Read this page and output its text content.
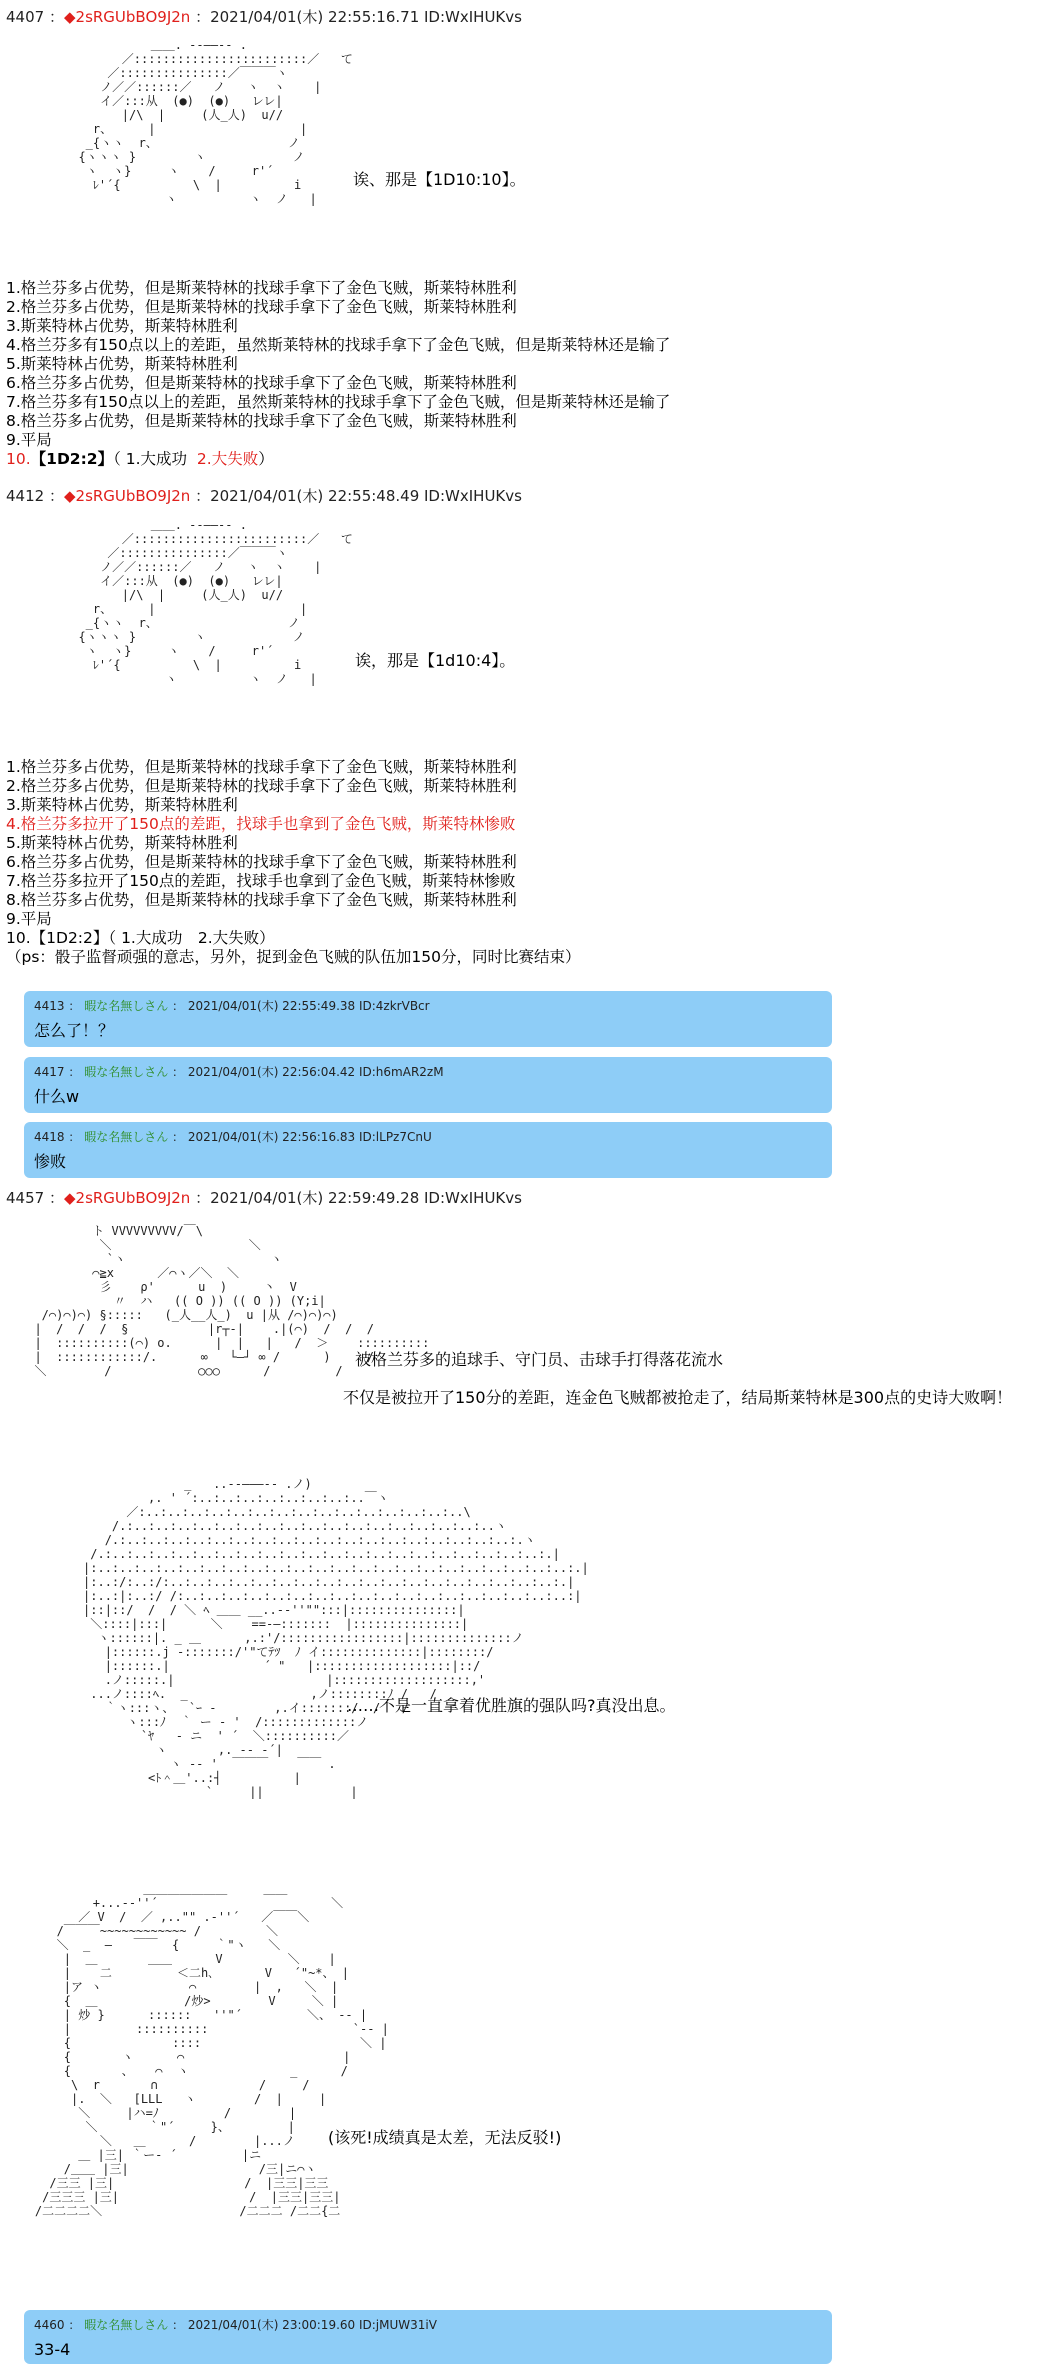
4407 ：◆2sRGUbBO9J2n ：2021/04/01(木) 22:55:16.71 ID:WxIHUKvs
＿＿. -‐――‐- .
／::::::::::::::::::::::::／   て
／:::::::::::::::／￣￣￣ヽ
ノ／／::::::／   ノ   ヽ  ヽ    |
イ／:::从  (●)  (●)   レレ|
|/\  |     (人_人)  u//
r、     |                    |
_{ヽヽ  r、                  ノ
{ヽヽヽ }        ヽ            ノ
ヽ  ヽ}     ヽ    /     r'´
ﾚ'´{          \  |          i
ヽ          ヽ  ノ   |
诶、那是【1D10:10】。
1.格兰芬多占优势，但是斯莱特林的找球手拿下了金色飞贼，斯莱特林胜利
2.格兰芬多占优势，但是斯莱特林的找球手拿下了金色飞贼，斯莱特林胜利
3.斯莱特林占优势，斯莱特林胜利
4.格兰芬多有150点以上的差距，虽然斯莱特林的找球手拿下了金色飞贼，但是斯莱特林还是输了
5.斯莱特林占优势，斯莱特林胜利
6.格兰芬多占优势，但是斯莱特林的找球手拿下了金色飞贼，斯莱特林胜利
7.格兰芬多有150点以上的差距，虽然斯莱特林的找球手拿下了金色飞贼，但是斯莱特林还是输了
8.格兰芬多占优势，但是斯莱特林的找球手拿下了金色飞贼，斯莱特林胜利
9.平局
10.【1D2:2】（ 1.大成功 2.大失败）
4412 ：◆2sRGUbBO9J2n ：2021/04/01(木) 22:55:48.49 ID:WxIHUKvs
＿＿. -‐――‐- .
／::::::::::::::::::::::::／   て
／:::::::::::::::／￣￣￣ヽ
ノ／／::::::／   ノ   ヽ  ヽ    |
イ／:::从  (●)  (●)   レレ|
|/\  |     (人_人)  u//
r、     |                    |
_{ヽヽ  r、                  ノ
{ヽヽヽ }        ヽ            ノ
ヽ  ヽ}     ヽ    /     r'´
ﾚ'´{          \  |          i
ヽ          ヽ  ノ   |
诶，那是【1d10:4】。
1.格兰芬多占优势，但是斯莱特林的找球手拿下了金色飞贼，斯莱特林胜利
2.格兰芬多占优势，但是斯莱特林的找球手拿下了金色飞贼，斯莱特林胜利
3.斯莱特林占优势，斯莱特林胜利
4.格兰芬多拉开了150点的差距，找球手也拿到了金色飞贼，斯莱特林惨败
5.斯莱特林占优势，斯莱特林胜利
6.格兰芬多占优势，但是斯莱特林的找球手拿下了金色飞贼，斯莱特林胜利
7.格兰芬多拉开了150点的差距，找球手也拿到了金色飞贼，斯莱特林惨败
8.格兰芬多占优势，但是斯莱特林的找球手拿下了金色飞贼，斯莱特林胜利
9.平局
10.【1D2:2】（ 1.大成功　2.大失败）
（ps：骰子监督顽强的意志，另外，捉到金色飞贼的队伍加150分，同时比赛结束）
4413 ： 暇な名無しさん ： 2021/04/01(木) 22:55:49.38 ID:4zkrVBcr
怎么了！？
4417 ： 暇な名無しさん ： 2021/04/01(木) 22:56:04.42 ID:h6mAR2zM
什么w
4418 ： 暇な名無しさん ： 2021/04/01(木) 22:56:16.83 ID:lLPz7CnU
惨败
4457 ：◆2sRGUbBO9J2n ：2021/04/01(木) 22:59:49.28 ID:WxIHUKvs
ト VVVVVVVVV/￣\
＼                   ＼
`ヽ                    ヽ
⌒≧x      ／⌒ヽ／＼  ＼
彡    ρ'      u  )     丶  V
〃  ハ   (( O )) (( O )) (Y;i|
/⌒)⌒)⌒) §:::::   (_人__人_)  u |从 /⌒)⌒)⌒)
|  /  /  /  §           |r┬-|    .|(⌒)  /  /  /
|  ::::::::::(⌒) o.      |  |   |   /  ＞    ::::::::::
|  ::::::::::::/.      ∞   └―┘ ∞ /      )     /
＼        /            ○○○      /         /
被格兰芬多的追球手、守门员、击球手打得落花流水
不仅是被拉开了150分的差距，连金色飞贼都被抢走了，结局斯莱特林是300点的史诗大败啊！
_   ..-‐―――-‐ .ノ)
,. ' ´:..:..:..:..:..:..:..:..￣ヽ
／:..:..:..:..:..:..:..:..:..:..:..:..:..:..:..\
/.:..:..:..:..:..:..:..:..:..:..:..:..:..:..:..:..:..ヽ
/.:..:..:..:..:..:..:..:..:..:..:..:..:..:..:..:..:..:..:.ヽ
/.:..:..:..:..:..:..:..:..:..:..:..:..:..:..:..:..:..:..:..:..:.|
|:..:..:..:..:..:..:..:..:..:..:..:..:..:..:..:..:..:..:..:..:..:..:.|
|:..:/:..:/:..:..:..:..:..:..:..:..:..:..:..:..:..:..:..:..:..:..:.|
|:..:|:..:/ /:..:..:..:..:..:..:..:..:..:..:..:..:..:..:..:..:..:..:|
|::|::/  /  / ＼ ﾍ ＿＿ __..-‐''"":::|:::::::::::::::|
＼::::|:::|      ＼    ==-―:::::::  |:::::::::::::::|
ヽ::::::|. _ ＿      ,.:'/:::::::::::::::::|::::::::::::::ノ
|::::::.j ‐:::::::/'"てﾃﾂ  ﾉ イ::::::::::::::|::::::::/
|::::::.|             ´ "   |:::::::::::::::::::|::/
.ノ:::::.|                     |:::::::::::::::::::,'
...ノ::::ﾍ.  _                 ,ノ::::::::ﾉ /   /
｀ヽ:::ヽ、  `ｰ ‐        ,.イ:::::::/  /   /
ヽ:::ﾉ  ｀ ー ‐ '  /:::::::::::::ノ
`ﾔ   ‐ ニ  ' ´  ＼::::::::::／
ヽ       ,. -‐ ‐´|
ヽ -‐ '  ￣￣￣    ￣￣ .
<ﾄ＾＿'..:┤          |
`     ||            |
……不是一直拿着优胜旗的强队吗?真没出息。
＿＿＿＿＿＿＿     ＿＿
+...-‐''´                        ＼
／ V  /  ／ ,.."" .‐''´   ／￣￣＼
/￣￣￣~~~~~~~~~~~~ /         ＼
＼  _  ―   ￣￣  {     ｀"ヽ   ＼
|  ＿       ＿＿      V         ＼    |
|    二         ＜二h､       V   ´"~*、 |
|ア ヽ            ⌒        |  ,   ＼  |
{  ＿            /炒>        V     ＼ |
| 炒 }      ::::::   ''"´         ＼、 ‐‐ |
|         ::::::::::                    `-- |
{              ::::                      ＼ |
{       ヽ      ⌒                      |
{       、   ⌒  ヽ              _      /
\  r       ∩              /     /
|.  ＼   [LLL   ヽ        /  |     |
＼     |ハ=ﾉ         /        |
＼       ｀"´     }、        |
＼   ＿      /        |...ノ
＿ |三| ｀ー‐ ´         |ニ
/＿＿ |三|                  /三|ニ⌒ヽ
/三三 |三|                  /  |三三|三三
/三三三 |三|                  /  |三三|三三|
/二二二二＼                   /二二二 /二二{二
(该死!成绩真是太差，无法反驳!)
4460 ： 暇な名無しさん ： 2021/04/01(木) 23:00:19.60 ID:jMUW31iV
33-4
